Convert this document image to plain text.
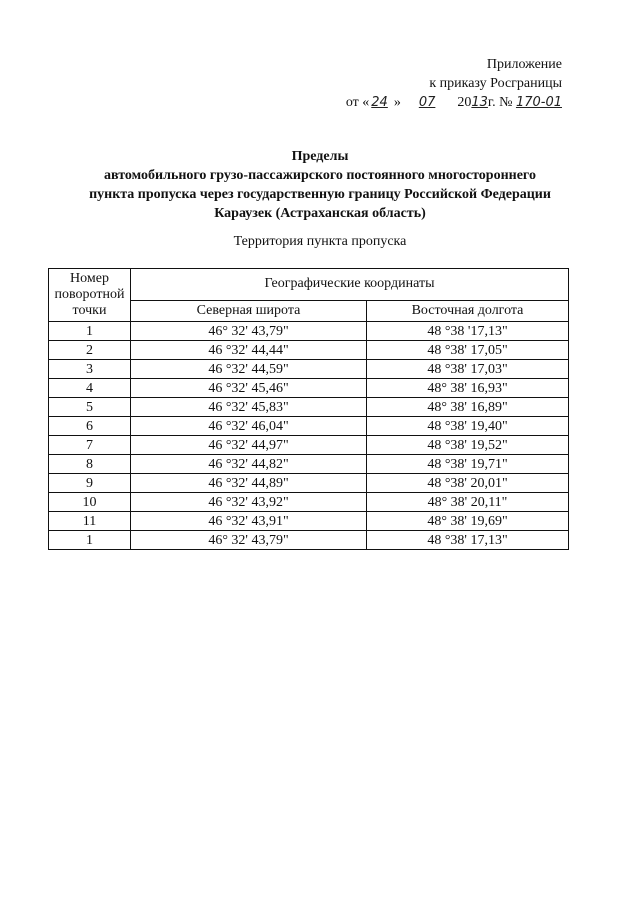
Приложение
к приказу Росграницы
от « 24 » 07 2013г. № 170-01
Пределы
автомобильного грузо-пассажирского постоянного многостороннего
пункта пропуска через государственную границу Российской Федерации
Караузек (Астраханская область)
Территория пункта пропуска
Номер
поворотной
точки	Географические координаты	
	Северная широта	Восточная долгота
1	46° 32' 43,79"	48 °38 '17,13"
2	46 °32' 44,44"	48 °38' 17,05"
3	46 °32' 44,59"	48 °38' 17,03"
4	46 °32' 45,46"	48° 38' 16,93"
5	46 °32' 45,83"	48° 38' 16,89"
6	46 °32' 46,04"	48 °38' 19,40"
7	46 °32' 44,97"	48 °38' 19,52"
8	46 °32' 44,82"	48 °38' 19,71"
9	46 °32' 44,89"	48 °38' 20,01"
10	46 °32' 43,92"	48° 38' 20,11"
11	46 °32' 43,91"	48° 38' 19,69"
1	46° 32' 43,79"	48 °38' 17,13"
